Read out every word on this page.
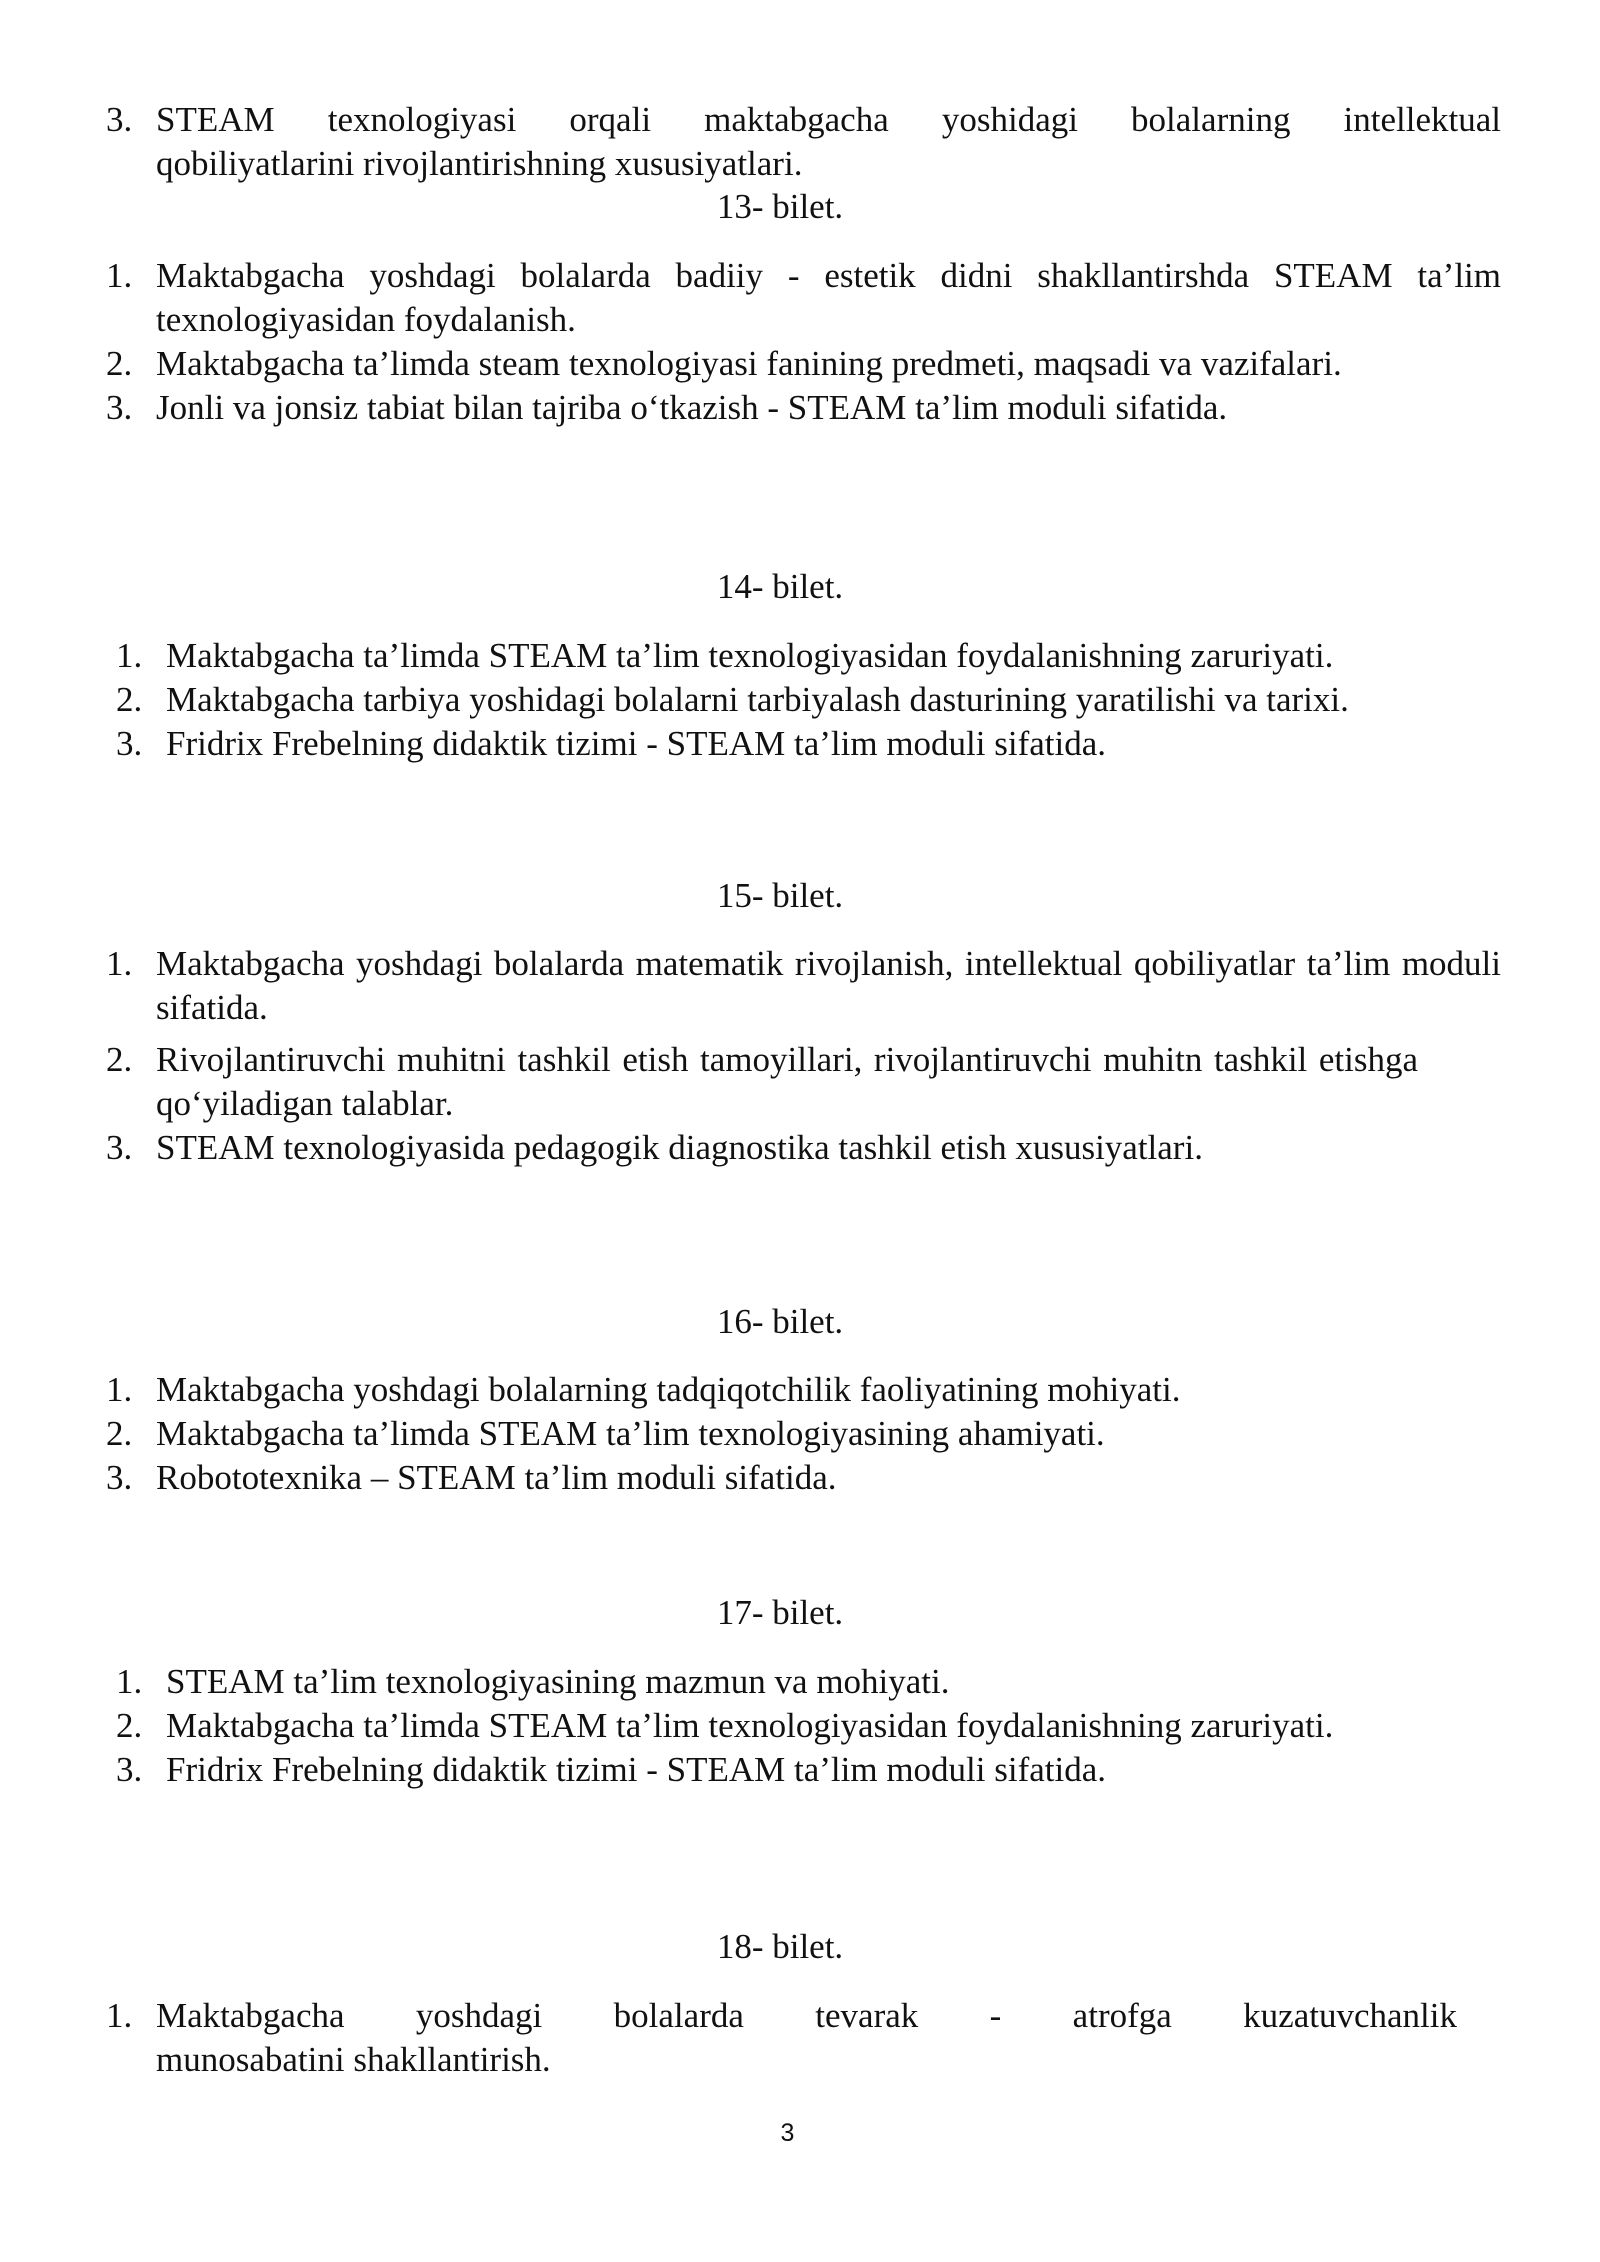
3. STEAM texnologiyasi orqali maktabgacha yoshidagi bolalarning intellektual
qobiliyatlarini rivojlantirishning xususiyatlari.

13- bilet.

1. Maktabgacha yoshdagi bolalarda badiiy - estetik didni shakllantirshda STEAM ta’lim texnologiyasidan foydalanish.
2. Maktabgacha ta’limda steam texnologiyasi fanining predmeti, maqsadi va vazifalari.
3. Jonli va jonsiz tabiat bilan tajriba o‘tkazish - STEAM ta’lim moduli sifatida.

14- bilet.

1. Maktabgacha ta’limda STEAM ta’lim texnologiyasidan foydalanishning zaruriyati.
2. Maktabgacha tarbiya yoshidagi bolalarni tarbiyalash dasturining yaratilishi va tarixi.
3. Fridrix Frebelning didaktik tizimi - STEAM ta’lim moduli sifatida.

15- bilet.

1. Maktabgacha yoshdagi bolalarda matematik rivojlanish, intellektual qobiliyatlar ta’lim moduli sifatida.
2. Rivojlantiruvchi muhitni tashkil etish tamoyillari, rivojlantiruvchi muhitn tashkil etishga qo‘yiladigan talablar.
3. STEAM texnologiyasida pedagogik diagnostika tashkil etish xususiyatlari.

16- bilet.

1. Maktabgacha yoshdagi bolalarning tadqiqotchilik faoliyatining mohiyati.
2. Maktabgacha ta’limda STEAM ta’lim texnologiyasining ahamiyati.
3. Robototexnika – STEAM ta’lim moduli sifatida.

17- bilet.

1. STEAM ta’lim texnologiyasining mazmun va mohiyati.
2. Maktabgacha ta’limda STEAM ta’lim texnologiyasidan foydalanishning zaruriyati.
3. Fridrix Frebelning didaktik tizimi - STEAM ta’lim moduli sifatida.

18- bilet.

1. Maktabgacha yoshdagi bolalarda tevarak - atrofga kuzatuvchanlik
munosabatini shakllantirish.
3
